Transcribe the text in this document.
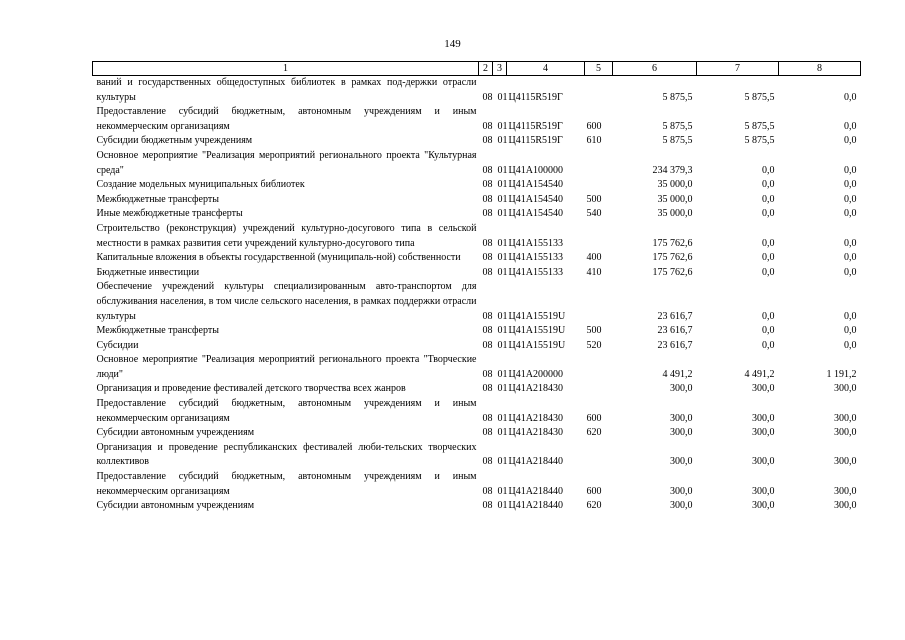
149
1	2	3	4	5	6	7	8
ваний и государственных общедоступных библиотек в рамках под-держки отрасли культуры	08	01	Ц4115R519Г		5 875,5	5 875,5	0,0
Предоставление субсидий бюджетным, автономным учреждениям и иным некоммерческим организациям	08	01	Ц4115R519Г	600	5 875,5	5 875,5	0,0
Субсидии бюджетным учреждениям	08	01	Ц4115R519Г	610	5 875,5	5 875,5	0,0
Основное мероприятие "Реализация мероприятий регионального проекта "Культурная среда"	08	01	Ц41A100000		234 379,3	0,0	0,0
Создание модельных муниципальных библиотек	08	01	Ц41A154540		35 000,0	0,0	0,0
Межбюджетные трансферты	08	01	Ц41A154540	500	35 000,0	0,0	0,0
Иные межбюджетные трансферты	08	01	Ц41A154540	540	35 000,0	0,0	0,0
Строительство (реконструкция) учреждений культурно-досугового типа в сельской местности в рамках развития сети учреждений культурно-досугового типа	08	01	Ц41A155133		175 762,6	0,0	0,0
Капитальные вложения в объекты государственной (муниципаль-ной) собственности	08	01	Ц41A155133	400	175 762,6	0,0	0,0
Бюджетные инвестиции	08	01	Ц41A155133	410	175 762,6	0,0	0,0
Обеспечение учреждений культуры специализированным авто-транспортом для обслуживания населения, в том числе сельского населения, в рамках поддержки отрасли культуры	08	01	Ц41A15519U		23 616,7	0,0	0,0
Межбюджетные трансферты	08	01	Ц41A15519U	500	23 616,7	0,0	0,0
Субсидии	08	01	Ц41A15519U	520	23 616,7	0,0	0,0
Основное мероприятие "Реализация мероприятий регионального проекта "Творческие люди"	08	01	Ц41A200000		4 491,2	4 491,2	1 191,2
Организация и проведение фестивалей детского творчества всех жанров	08	01	Ц41A218430		300,0	300,0	300,0
Предоставление субсидий бюджетным, автономным учреждениям и иным некоммерческим организациям	08	01	Ц41A218430	600	300,0	300,0	300,0
Субсидии автономным учреждениям	08	01	Ц41A218430	620	300,0	300,0	300,0
Организация и проведение республиканских фестивалей люби-тельских творческих коллективов	08	01	Ц41A218440		300,0	300,0	300,0
Предоставление субсидий бюджетным, автономным учреждениям и иным некоммерческим организациям	08	01	Ц41A218440	600	300,0	300,0	300,0
Субсидии автономным учреждениям	08	01	Ц41A218440	620	300,0	300,0	300,0
